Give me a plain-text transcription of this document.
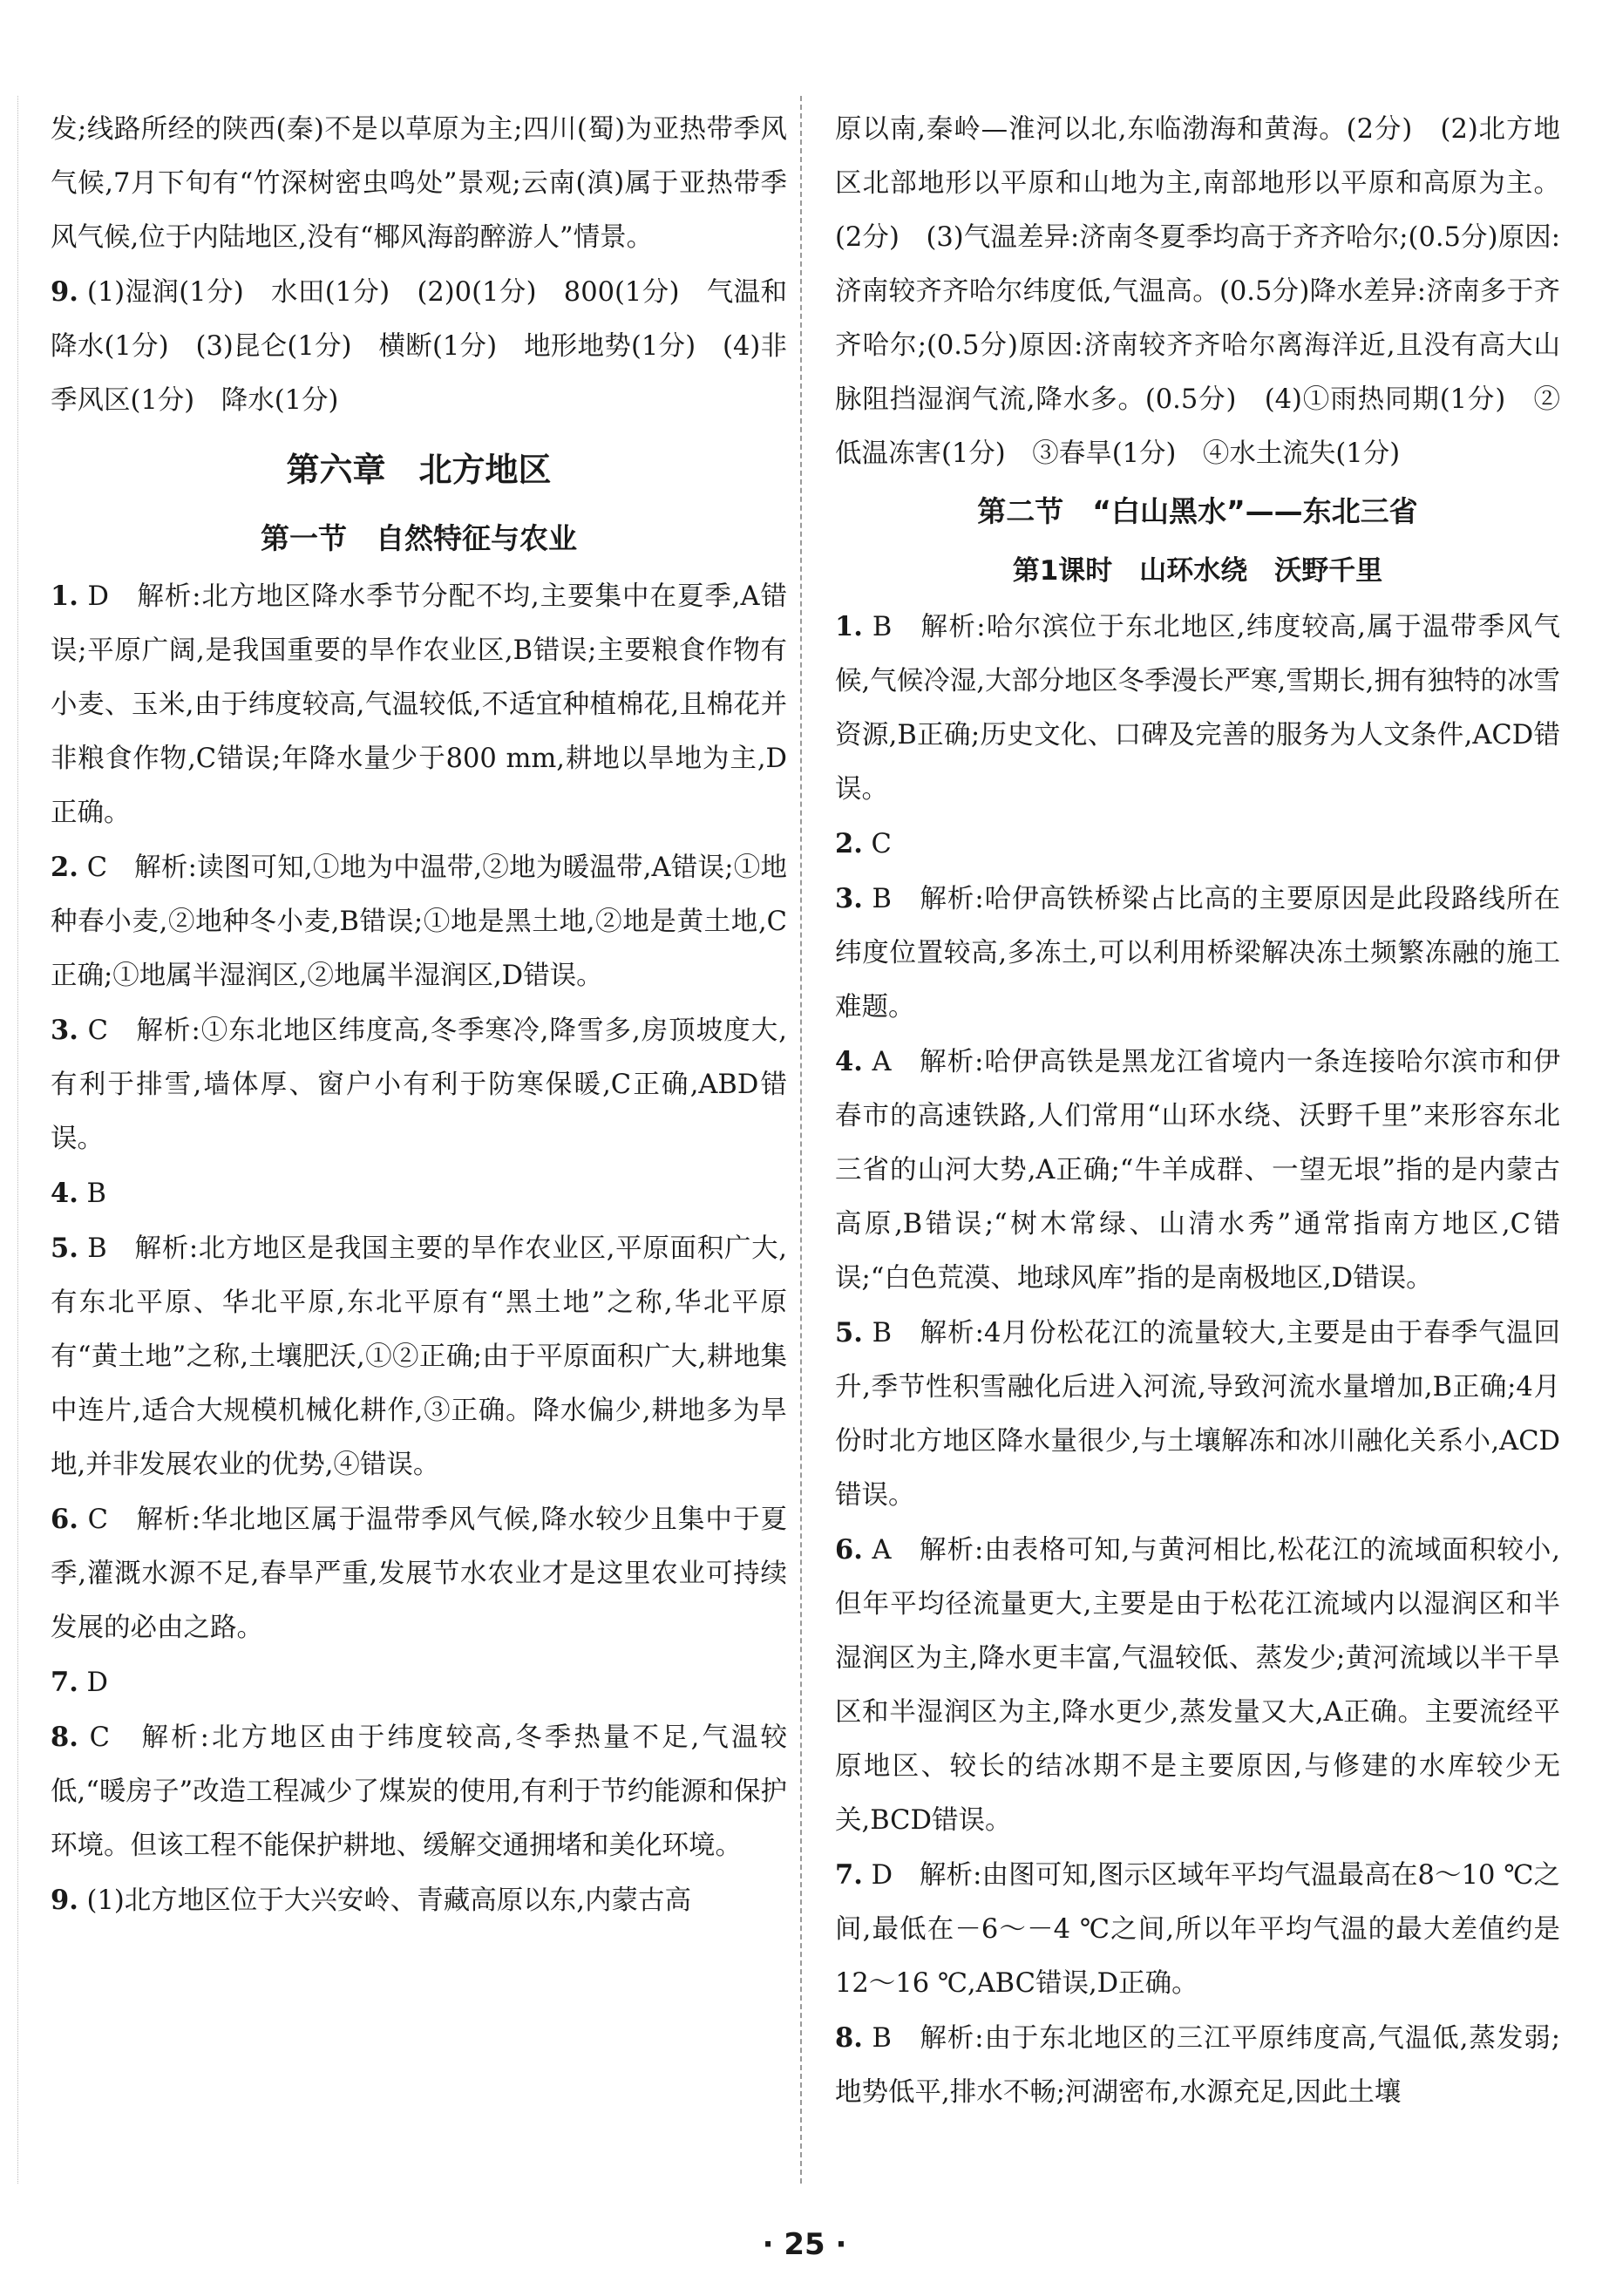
发;线路所经的陕西(秦)不是以草原为主;四川(蜀)为亚热带季风气候,7月下旬有“竹深树密虫鸣处”景观;云南(滇)属于亚热带季风气候,位于内陆地区,没有“椰风海韵醉游人”情景。

9. (1)湿润(1分)　水田(1分)　(2)0(1分)　800(1分)　气温和降水(1分)　(3)昆仑(1分)　横断(1分)　地形地势(1分)　(4)非季风区(1分)　降水(1分)

第六章　北方地区
第一节　自然特征与农业

1. D　解析:北方地区降水季节分配不均,主要集中在夏季,A错误;平原广阔,是我国重要的旱作农业区,B错误;主要粮食作物有小麦、玉米,由于纬度较高,气温较低,不适宜种植棉花,且棉花并非粮食作物,C错误;年降水量少于800 mm,耕地以旱地为主,D正确。

2. C　解析:读图可知,①地为中温带,②地为暖温带,A错误;①地种春小麦,②地种冬小麦,B错误;①地是黑土地,②地是黄土地,C正确;①地属半湿润区,②地属半湿润区,D错误。

3. C　解析:①东北地区纬度高,冬季寒冷,降雪多,房顶坡度大,有利于排雪,墙体厚、窗户小有利于防寒保暖,C正确,ABD错误。

4. B

5. B　解析:北方地区是我国主要的旱作农业区,平原面积广大,有东北平原、华北平原,东北平原有“黑土地”之称,华北平原有“黄土地”之称,土壤肥沃,①②正确;由于平原面积广大,耕地集中连片,适合大规模机械化耕作,③正确。降水偏少,耕地多为旱地,并非发展农业的优势,④错误。

6. C　解析:华北地区属于温带季风气候,降水较少且集中于夏季,灌溉水源不足,春旱严重,发展节水农业才是这里农业可持续发展的必由之路。

7. D

8. C　解析:北方地区由于纬度较高,冬季热量不足,气温较低,“暖房子”改造工程减少了煤炭的使用,有利于节约能源和保护环境。但该工程不能保护耕地、缓解交通拥堵和美化环境。

9. (1)北方地区位于大兴安岭、青藏高原以东,内蒙古高

原以南,秦岭—淮河以北,东临渤海和黄海。(2分)　(2)北方地区北部地形以平原和山地为主,南部地形以平原和高原为主。(2分)　(3)气温差异:济南冬夏季均高于齐齐哈尔;(0.5分)原因:济南较齐齐哈尔纬度低,气温高。(0.5分)降水差异:济南多于齐齐哈尔;(0.5分)原因:济南较齐齐哈尔离海洋近,且没有高大山脉阻挡湿润气流,降水多。(0.5分)　(4)①雨热同期(1分)　②低温冻害(1分)　③春旱(1分)　④水土流失(1分)

第二节　“白山黑水”——东北三省
第1课时　山环水绕　沃野千里

1. B　解析:哈尔滨位于东北地区,纬度较高,属于温带季风气候,气候冷湿,大部分地区冬季漫长严寒,雪期长,拥有独特的冰雪资源,B正确;历史文化、口碑及完善的服务为人文条件,ACD错误。

2. C

3. B　解析:哈伊高铁桥梁占比高的主要原因是此段路线所在纬度位置较高,多冻土,可以利用桥梁解决冻土频繁冻融的施工难题。

4. A　解析:哈伊高铁是黑龙江省境内一条连接哈尔滨市和伊春市的高速铁路,人们常用“山环水绕、沃野千里”来形容东北三省的山河大势,A正确;“牛羊成群、一望无垠”指的是内蒙古高原,B错误;“树木常绿、山清水秀”通常指南方地区,C错误;“白色荒漠、地球风库”指的是南极地区,D错误。

5. B　解析:4月份松花江的流量较大,主要是由于春季气温回升,季节性积雪融化后进入河流,导致河流水量增加,B正确;4月份时北方地区降水量很少,与土壤解冻和冰川融化关系小,ACD错误。

6. A　解析:由表格可知,与黄河相比,松花江的流域面积较小,但年平均径流量更大,主要是由于松花江流域内以湿润区和半湿润区为主,降水更丰富,气温较低、蒸发少;黄河流域以半干旱区和半湿润区为主,降水更少,蒸发量又大,A正确。主要流经平原地区、较长的结冰期不是主要原因,与修建的水库较少无关,BCD错误。

7. D　解析:由图可知,图示区域年平均气温最高在8～10 ℃之间,最低在－6～－4 ℃之间,所以年平均气温的最大差值约是12～16 ℃,ABC错误,D正确。

8. B　解析:由于东北地区的三江平原纬度高,气温低,蒸发弱;地势低平,排水不畅;河湖密布,水源充足,因此土壤

· 25 ·
